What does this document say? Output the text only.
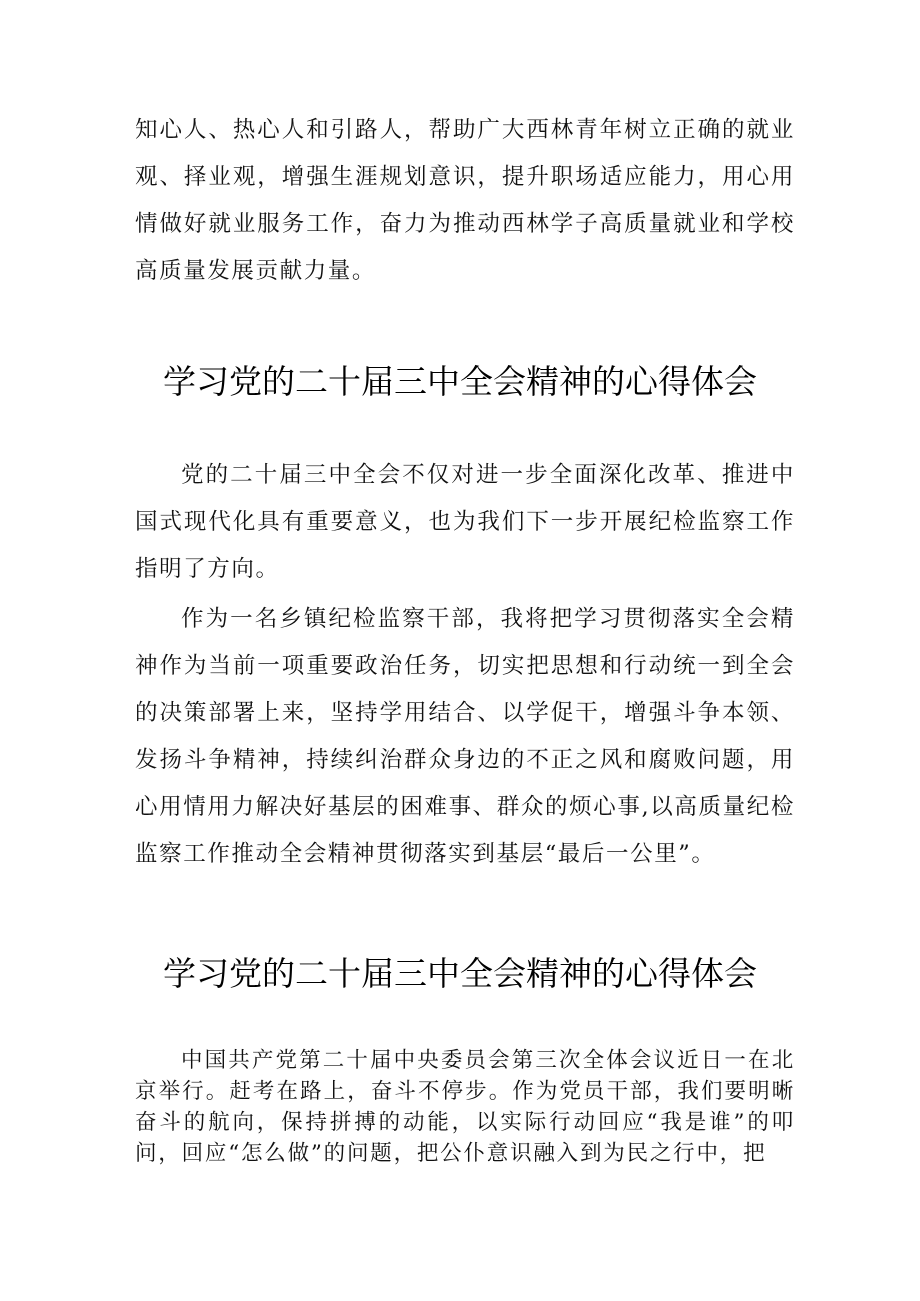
知心人、热心人和引路人，帮助广大西林青年树立正确的就业观、择业观，增强生涯规划意识，提升职场适应能力，用心用情做好就业服务工作，奋力为推动西林学子高质量就业和学校高质量发展贡献力量。

学习党的二十届三中全会精神的心得体会

党的二十届三中全会不仅对进一步全面深化改革、推进中国式现代化具有重要意义，也为我们下一步开展纪检监察工作指明了方向。

作为一名乡镇纪检监察干部，我将把学习贯彻落实全会精神作为当前一项重要政治任务，切实把思想和行动统一到全会的决策部署上来，坚持学用结合、以学促干，增强斗争本领、发扬斗争精神，持续纠治群众身边的不正之风和腐败问题，用心用情用力解决好基层的困难事、群众的烦心事,以高质量纪检监察工作推动全会精神贯彻落实到基层“最后一公里”。

学习党的二十届三中全会精神的心得体会

中国共产党第二十届中央委员会第三次全体会议近日一在北京举行。赶考在路上，奋斗不停步。作为党员干部，我们要明晰奋斗的航向，保持拼搏的动能，以实际行动回应“我是谁”的叩问，回应“怎么做”的问题，把公仆意识融入到为民之行中，把
